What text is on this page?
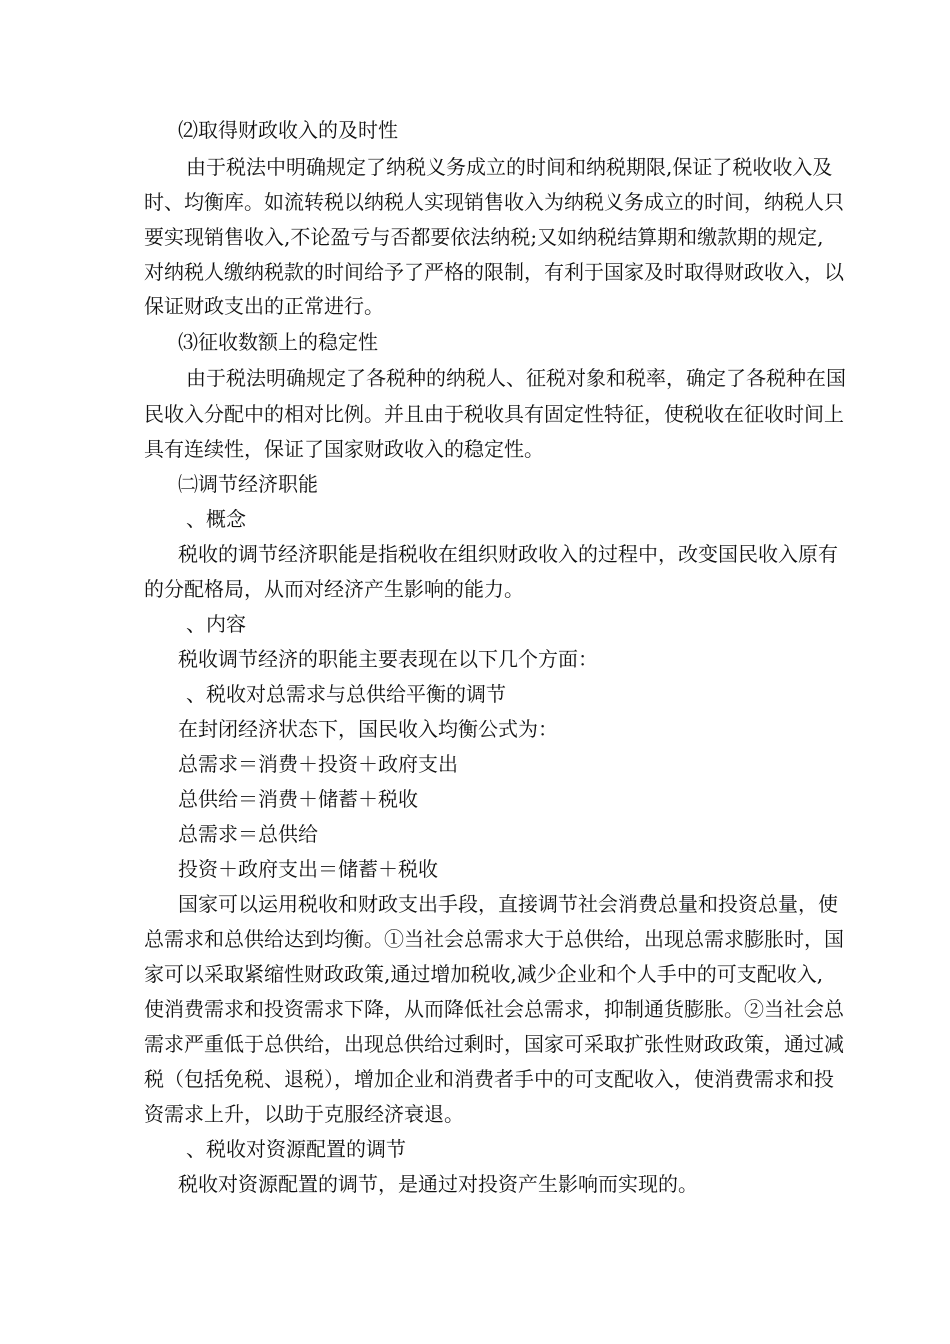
⑵取得财政收入的及时性
由于税法中明确规定了纳税义务成立的时间和纳税期限,保证了税收收入及
时、均衡库。如流转税以纳税人实现销售收入为纳税义务成立的时间，纳税人只
要实现销售收入,不论盈亏与否都要依法纳税;又如纳税结算期和缴款期的规定,
对纳税人缴纳税款的时间给予了严格的限制，有利于国家及时取得财政收入，以
保证财政支出的正常进行。
⑶征收数额上的稳定性
由于税法明确规定了各税种的纳税人、征税对象和税率，确定了各税种在国
民收入分配中的相对比例。并且由于税收具有固定性特征，使税收在征收时间上
具有连续性，保证了国家财政收入的稳定性。
㈡调节经济职能
、概念
税收的调节经济职能是指税收在组织财政收入的过程中，改变国民收入原有
的分配格局，从而对经济产生影响的能力。
、内容
税收调节经济的职能主要表现在以下几个方面：
、税收对总需求与总供给平衡的调节
在封闭经济状态下，国民收入均衡公式为：
总需求＝消费＋投资＋政府支出
总供给＝消费＋储蓄＋税收
总需求＝总供给
投资＋政府支出＝储蓄＋税收
国家可以运用税收和财政支出手段，直接调节社会消费总量和投资总量，使
总需求和总供给达到均衡。①当社会总需求大于总供给，出现总需求膨胀时，国
家可以采取紧缩性财政政策,通过增加税收,减少企业和个人手中的可支配收入,
使消费需求和投资需求下降，从而降低社会总需求，抑制通货膨胀。②当社会总
需求严重低于总供给，出现总供给过剩时，国家可采取扩张性财政政策，通过减
税（包括免税、退税），增加企业和消费者手中的可支配收入，使消费需求和投
资需求上升，以助于克服经济衰退。
、税收对资源配置的调节
税收对资源配置的调节，是通过对投资产生影响而实现的。
